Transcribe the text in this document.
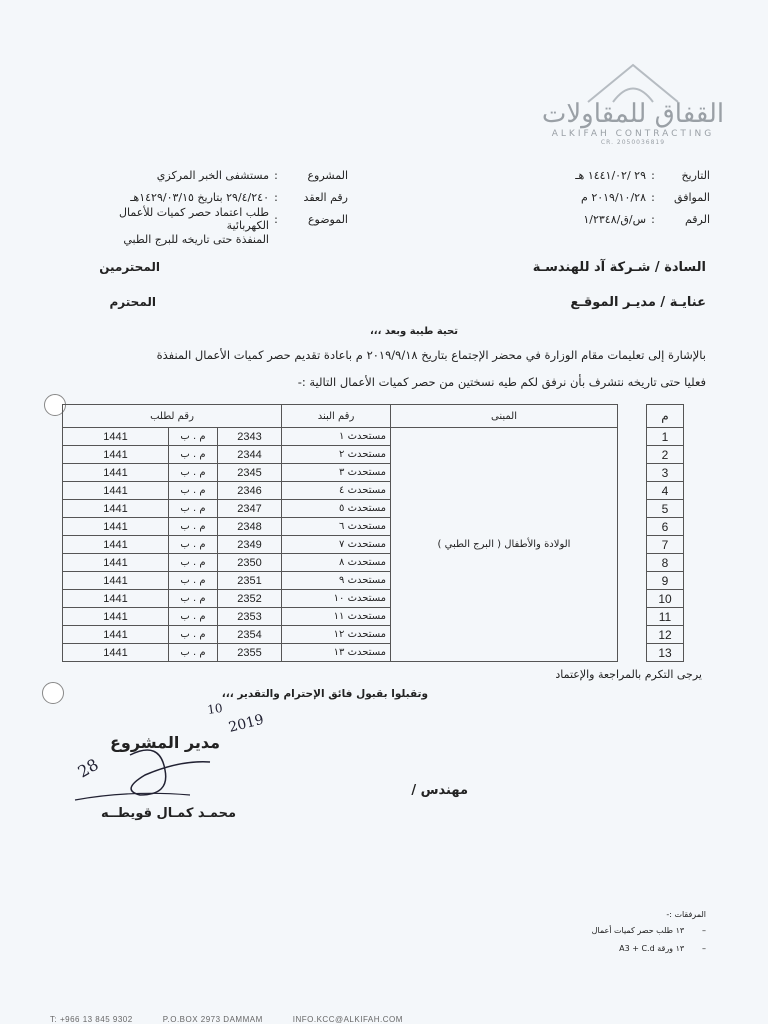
القفاق للمقاولات
ALKIFAH CONTRACTING
CR. 2050036819
التاريخ
:
٢٩ /١٤٤١/٠٢ هـ
الموافق
:
٢٠١٩/١٠/٢٨ م
الرقم
:
س/ق/١/٢٣٤٨
المشروع
:
مستشفى الخبر المركزي
رقم العقد
:
٢٩/٤/٢٤٠ بتاريخ ١٤٢٩/٠٣/١٥هـ
الموضوع
:
طلب اعتماد حصر كميات للأعمال الكهربائية
المنفذة حتى تاريخه للبرج الطبي
السادة / شـركة آد للهندسـة
المحترمين
عنايـة / مديـر الموقـع
المحترم
تحية طيبة وبعد ،،،
بالإشارة إلى تعليمات مقام الوزارة في محضر الإجتماع بتاريخ ٢٠١٩/٩/١٨ م باعادة تقديم حصر كميات الأعمال المنفذة
فعليا حتى تاريخه نتشرف بأن نرفق لكم طيه نسختين من حصر كميات الأعمال التالية :-
م		المبنى	رقم البند	رقم لطلب		
1		الولادة والأطفال ( البرج الطبي )	مستحدث ١	2343	م . ب	1441
2			مستحدث ٢	2344	م . ب	1441
3			مستحدث ٣	2345	م . ب	1441
4			مستحدث ٤	2346	م . ب	1441
5			مستحدث ٥	2347	م . ب	1441
6			مستحدث ٦	2348	م . ب	1441
7			مستحدث ٧	2349	م . ب	1441
8			مستحدث ٨	2350	م . ب	1441
9			مستحدث ٩	2351	م . ب	1441
10			مستحدث ١٠	2352	م . ب	1441
11			مستحدث ١١	2353	م . ب	1441
12			مستحدث ١٢	2354	م . ب	1441
13			مستحدث ١٣	2355	م . ب	1441
يرجى التكرم بالمراجعة والإعتماد
وتقبلوا بقبول فائق الإحترام والتقدير ،،،
10
2019
28
مدير المشروع
مهندس /
محمـد كمـال قويطــه
المرفقات :-
–       ١٣ طلب حصر كميات أعمال
–       ١٣ ورقة A3 + C.d
T: +966 13 845 9302	P.O.BOX 2973 DAMMAM	INFO.KCC@ALKIFAH.COM
